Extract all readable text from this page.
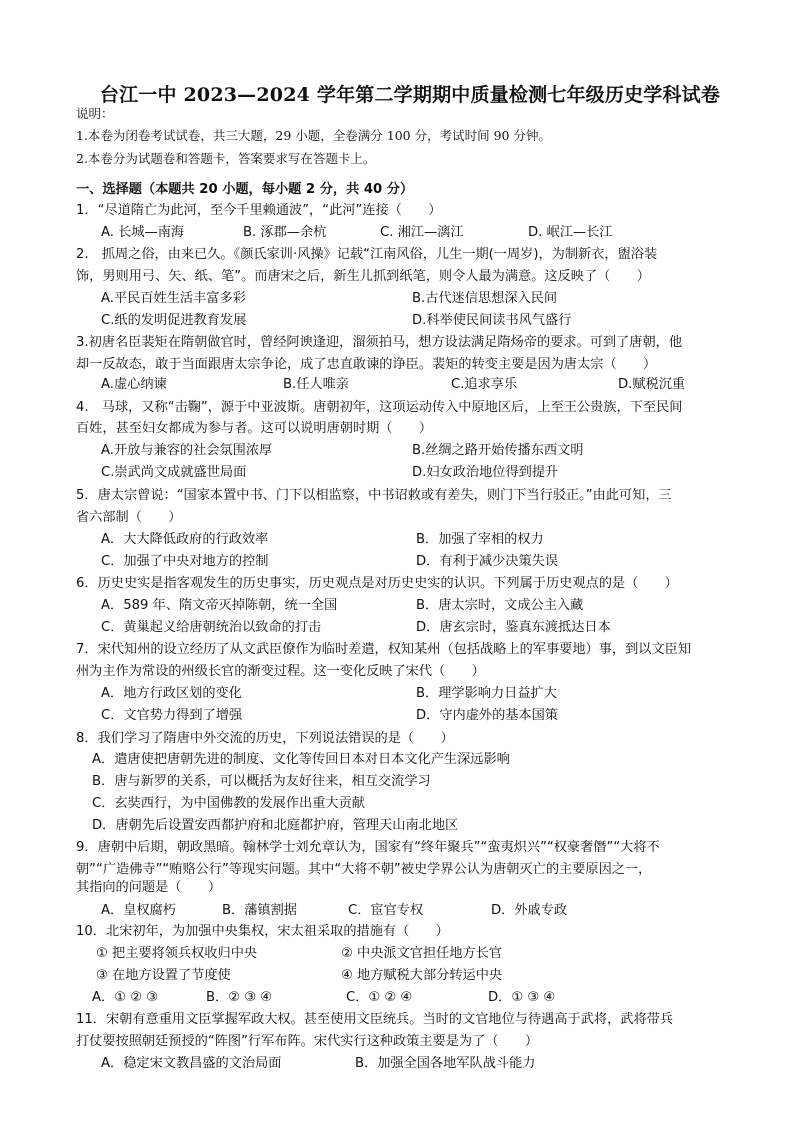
台江一中 2023—2024 学年第二学期期中质量检测七年级历史学科试卷
说明：
1.本卷为闭卷考试试卷，共三大题，29 小题，全卷满分 100 分，考试时间 90 分钟。
2.本卷分为试题卷和答题卡，答案要求写在答题卡上。
一、选择题（本题共 20 小题，每小题 2 分，共 40 分）
1．“尽道隋亡为此河，至今千里赖通波”，“此河”连接（　　）
A. 长城—南海	B. 涿郡—余杭	C. 湘江—漓江	D. 岷江—长江
2.　抓周之俗，由来已久。《颜氏家训·风操》记载“江南风俗，儿生一期(一周岁)，为制新衣，盥浴装
饰，男则用弓、矢、纸、笔”。而唐宋之后，新生儿抓到纸笔，则令人最为满意。这反映了（　　）
A.平民百姓生活丰富多彩	B.古代迷信思想深入民间
C.纸的发明促进教育发展	D.科举使民间读书风气盛行
3.初唐名臣裴矩在隋朝做官时，曾经阿谀逢迎，溜须拍马，想方设法满足隋炀帝的要求。可到了唐朝，他
却一反故态，敢于当面跟唐太宗争论，成了忠直敢谏的诤臣。裴矩的转变主要是因为唐太宗（　　）
A.虚心纳谏	B.任人唯亲	C.追求享乐	D.赋税沉重
4.　马球，又称“击鞠”，源于中亚波斯。唐朝初年，这项运动传入中原地区后，上至王公贵族，下至民间
百姓，甚至妇女都成为参与者。这可以说明唐朝时期（　　）
A.开放与兼容的社会氛围浓厚	B.丝绸之路开始传播东西文明
C.崇武尚文成就盛世局面	D.妇女政治地位得到提升
5．唐太宗曾说：“国家本置中书、门下以相监察，中书诏敕或有差失，则门下当行驳正。”由此可知，三
省六部制（　　）
A．大大降低政府的行政效率	B．加强了宰相的权力
C．加强了中央对地方的控制	D．有利于减少决策失误
6．历史史实是指客观发生的历史事实，历史观点是对历史史实的认识。下列属于历史观点的是（　　）
A．589 年、隋文帝灭掉陈朝，统一全国	B．唐太宗时，文成公主入藏
C．黄巢起义给唐朝统治以致命的打击	D．唐玄宗时，鉴真东渡抵达日本
7．宋代知州的设立经历了从文武臣僚作为临时差遣，权知某州（包括战略上的军事要地）事，到以文臣知
州为主作为常设的州级长官的渐变过程。这一变化反映了宋代（　　）
A．地方行政区划的变化	B．理学影响力日益扩大
C．文官势力得到了增强	D．守内虚外的基本国策
8．我们学习了隋唐中外交流的历史，下列说法错误的是（　　）
A．遣唐使把唐朝先进的制度、文化等传回日本对日本文化产生深远影响
B．唐与新罗的关系，可以概括为友好往来，相互交流学习
C．玄奘西行，为中国佛教的发展作出重大贡献
D．唐朝先后设置安西都护府和北庭都护府，管理天山南北地区
9．唐朝中后期，朝政黑暗。翰林学士刘允章认为，国家有“终年聚兵”“蛮夷炽兴”“权豪奢僭”“大将不
朝”“广造佛寺”“贿赂公行”等现实问题。其中“大将不朝”被史学界公认为唐朝灭亡的主要原因之一，
其指向的问题是（　　）
A．皇权腐朽	B．藩镇割据	C．宦官专权	D．外戚专政
10．北宋初年，为加强中央集权，宋太祖采取的措施有（　　）
① 把主要将领兵权收归中央	② 中央派文官担任地方长官
③ 在地方设置了节度使	④ 地方赋税大部分转运中央
A．① ② ③	B．② ③ ④	C．① ② ④	D．① ③ ④
11．宋朝有意重用文臣掌握军政大权。甚至使用文臣统兵。当时的文官地位与待遇高于武将，武将带兵
打仗要按照朝廷预授的“阵图”行军布阵。宋代实行这种政策主要是为了（　　）
A．稳定宋文教昌盛的文治局面	B．加强全国各地军队战斗能力
